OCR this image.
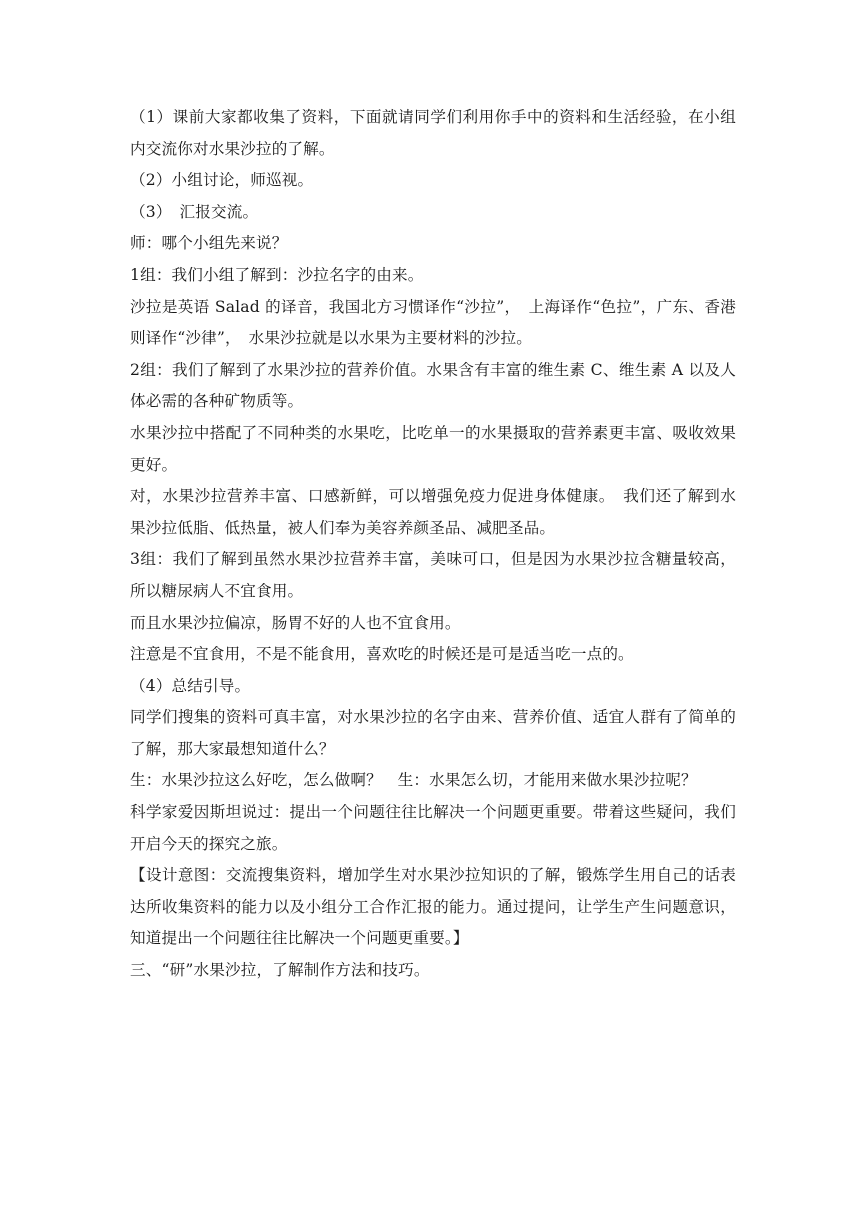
（1）课前大家都收集了资料，下面就请同学们利用你手中的资料和生活经验，在小组内交流你对水果沙拉的了解。

（2）小组讨论，师巡视。

（3）　汇报交流。

师：哪个小组先来说？

1组：我们小组了解到：沙拉名字的由来。

沙拉是英语 Salad 的译音，我国北方习惯译作“沙拉”，　上海译作“色拉”，广东、香港则译作“沙律”，　水果沙拉就是以水果为主要材料的沙拉。

2组：我们了解到了水果沙拉的营养价值。水果含有丰富的维生素 C、维生素 A 以及人体必需的各种矿物质等。

水果沙拉中搭配了不同种类的水果吃，比吃单一的水果摄取的营养素更丰富、吸收效果更好。

对，水果沙拉营养丰富、口感新鲜，可以增强免疫力促进身体健康。　我们还了解到水果沙拉低脂、低热量，被人们奉为美容养颜圣品、减肥圣品。

3组：我们了解到虽然水果沙拉营养丰富，美味可口，但是因为水果沙拉含糖量较高，所以糖尿病人不宜食用。

而且水果沙拉偏凉，肠胃不好的人也不宜食用。

注意是不宜食用，不是不能食用，喜欢吃的时候还是可是适当吃一点的。

（4）总结引导。

同学们搜集的资料可真丰富，对水果沙拉的名字由来、营养价值、适宜人群有了简单的了解，那大家最想知道什么？

生：水果沙拉这么好吃，怎么做啊？　生：水果怎么切，才能用来做水果沙拉呢？

科学家爱因斯坦说过：提出一个问题往往比解决一个问题更重要。带着这些疑问，我们开启今天的探究之旅。

【设计意图：交流搜集资料，增加学生对水果沙拉知识的了解，锻炼学生用自己的话表达所收集资料的能力以及小组分工合作汇报的能力。通过提问，让学生产生问题意识，知道提出一个问题往往比解决一个问题更重要。】

三、“研”水果沙拉，了解制作方法和技巧。
